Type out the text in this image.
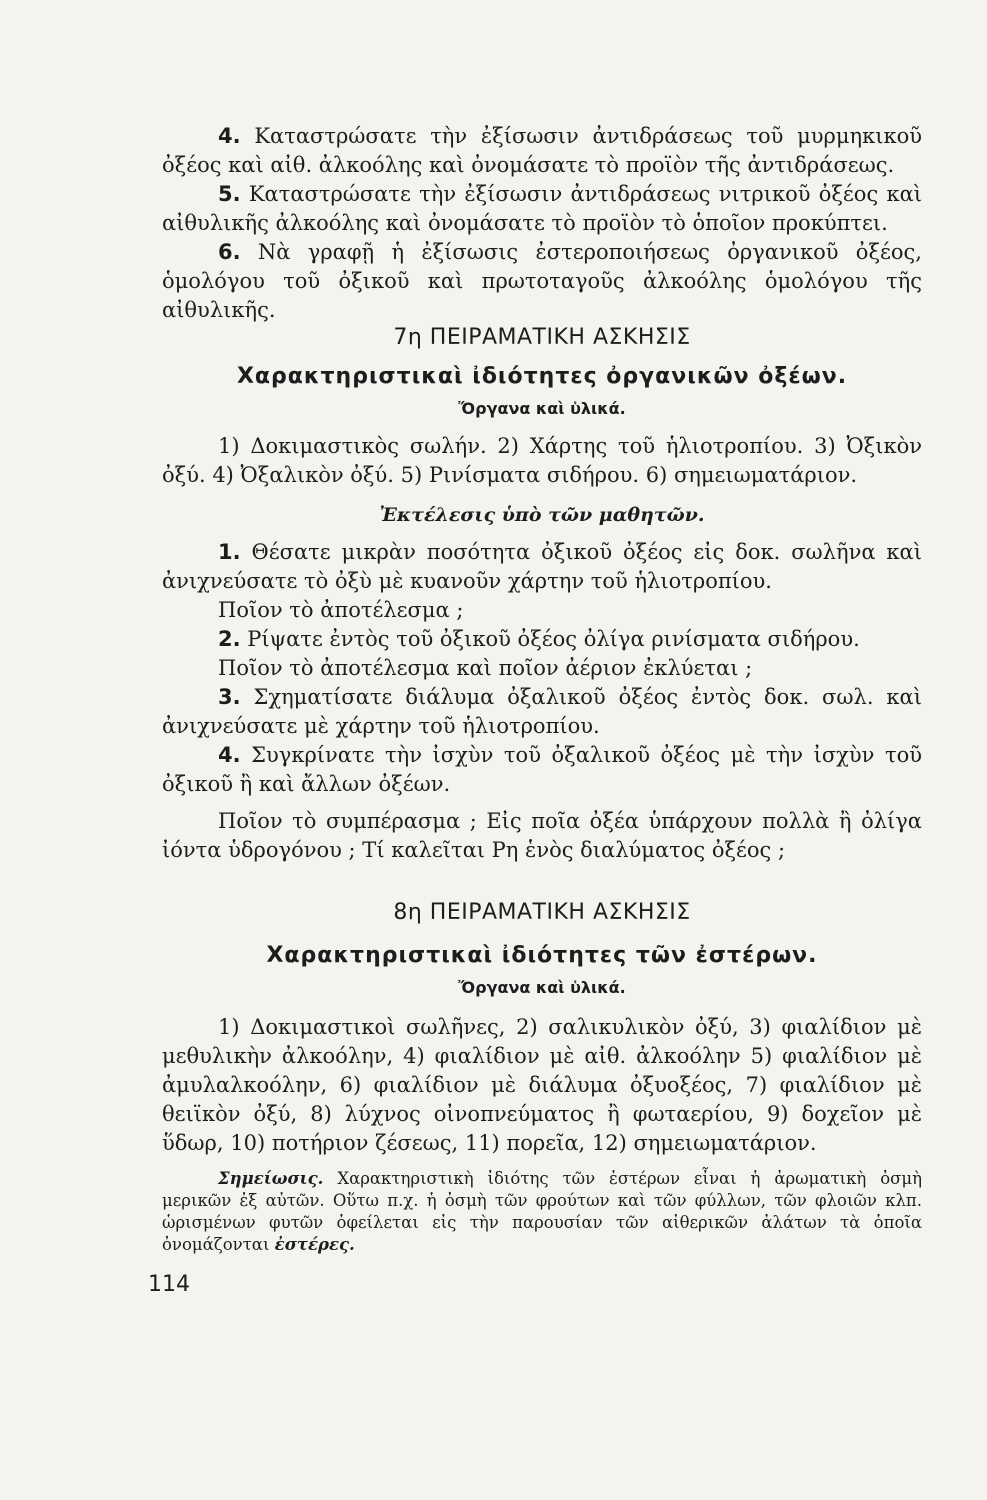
4. Καταστρώσατε τὴν ἐξίσωσιν ἀντιδράσεως τοῦ μυρμηκικοῦ ὀξέος καὶ αἰθ. ἀλκοόλης καὶ ὀνομάσατε τὸ προϊὸν τῆς ἀντιδράσεως.

5. Καταστρώσατε τὴν ἐξίσωσιν ἀντιδράσεως νιτρικοῦ ὀξέος καὶ αἰθυλικῆς ἀλκοόλης καὶ ὀνομάσατε τὸ προϊὸν τὸ ὁποῖον προκύπτει.

6. Νὰ γραφῇ ἡ ἐξίσωσις ἐστεροποιήσεως ὀργανικοῦ ὀξέος, ὁμολόγου τοῦ ὀξικοῦ καὶ πρωτοταγοῦς ἀλκοόλης ὁμολόγου τῆς αἰθυλικῆς.

7η ΠΕΙΡΑΜΑΤΙΚΗ ΑΣΚΗΣΙΣ
Χαρακτηριστικαὶ ἰδιότητες ὀργανικῶν ὀξέων.
Ὄργανα καὶ ὑλικά.

1) Δοκιμαστικὸς σωλήν. 2) Χάρτης τοῦ ἡλιοτροπίου. 3) Ὀξικὸν ὀξύ. 4) Ὀξαλικὸν ὀξύ. 5) Ρινίσματα σιδήρου. 6) σημειωματάριον.

Ἐκτέλεσις ὑπὸ τῶν μαθητῶν.

1. Θέσατε μικρὰν ποσότητα ὀξικοῦ ὀξέος εἰς δοκ. σωλῆνα καὶ ἀνιχνεύσατε τὸ ὀξὺ μὲ κυανοῦν χάρτην τοῦ ἡλιοτροπίου.

Ποῖον τὸ ἀποτέλεσμα ;

2. Ρίψατε ἐντὸς τοῦ ὀξικοῦ ὀξέος ὀλίγα ρινίσματα σιδήρου.

Ποῖον τὸ ἀποτέλεσμα καὶ ποῖον ἀέριον ἐκλύεται ;

3. Σχηματίσατε διάλυμα ὀξαλικοῦ ὀξέος ἐντὸς δοκ. σωλ. καὶ ἀνιχνεύσατε μὲ χάρτην τοῦ ἡλιοτροπίου.

4. Συγκρίνατε τὴν ἰσχὺν τοῦ ὀξαλικοῦ ὀξέος μὲ τὴν ἰσχὺν τοῦ ὀξικοῦ ἢ καὶ ἄλλων ὀξέων.

Ποῖον τὸ συμπέρασμα ; Εἰς ποῖα ὀξέα ὑπάρχουν πολλὰ ἢ ὀλίγα ἰόντα ὑδρογόνου ; Τί καλεῖται Ρη ἑνὸς διαλύματος ὀξέος ;

8η ΠΕΙΡΑΜΑΤΙΚΗ ΑΣΚΗΣΙΣ
Χαρακτηριστικαὶ ἰδιότητες τῶν ἐστέρων.
Ὄργανα καὶ ὑλικά.

1) Δοκιμαστικοὶ σωλῆνες, 2) σαλικυλικὸν ὀξύ, 3) φιαλίδιον μὲ μεθυλικὴν ἀλκοόλην, 4) φιαλίδιον μὲ αἰθ. ἀλκοόλην 5) φιαλίδιον μὲ ἀμυλαλκοόλην, 6) φιαλίδιον μὲ διάλυμα ὀξυοξέος, 7) φιαλίδιον μὲ θειϊκὸν ὀξύ, 8) λύχνος οἰνοπνεύματος ἢ φωταερίου, 9) δοχεῖον μὲ ὕδωρ, 10) ποτήριον ζέσεως, 11) πορεῖα, 12) σημειωματάριον.

Σημείωσις. Χαρακτηριστικὴ ἰδιότης τῶν ἐστέρων εἶναι ἡ ἀρωματικὴ ὀσμὴ μερικῶν ἐξ αὐτῶν. Οὕτω π.χ. ἡ ὀσμὴ τῶν φρούτων καὶ τῶν φύλλων, τῶν φλοιῶν κλπ. ὡρισμένων φυτῶν ὀφείλεται εἰς τὴν παρουσίαν τῶν αἰθερικῶν ἀλάτων τὰ ὁποῖα ὀνομάζονται ἐστέρες.

114
